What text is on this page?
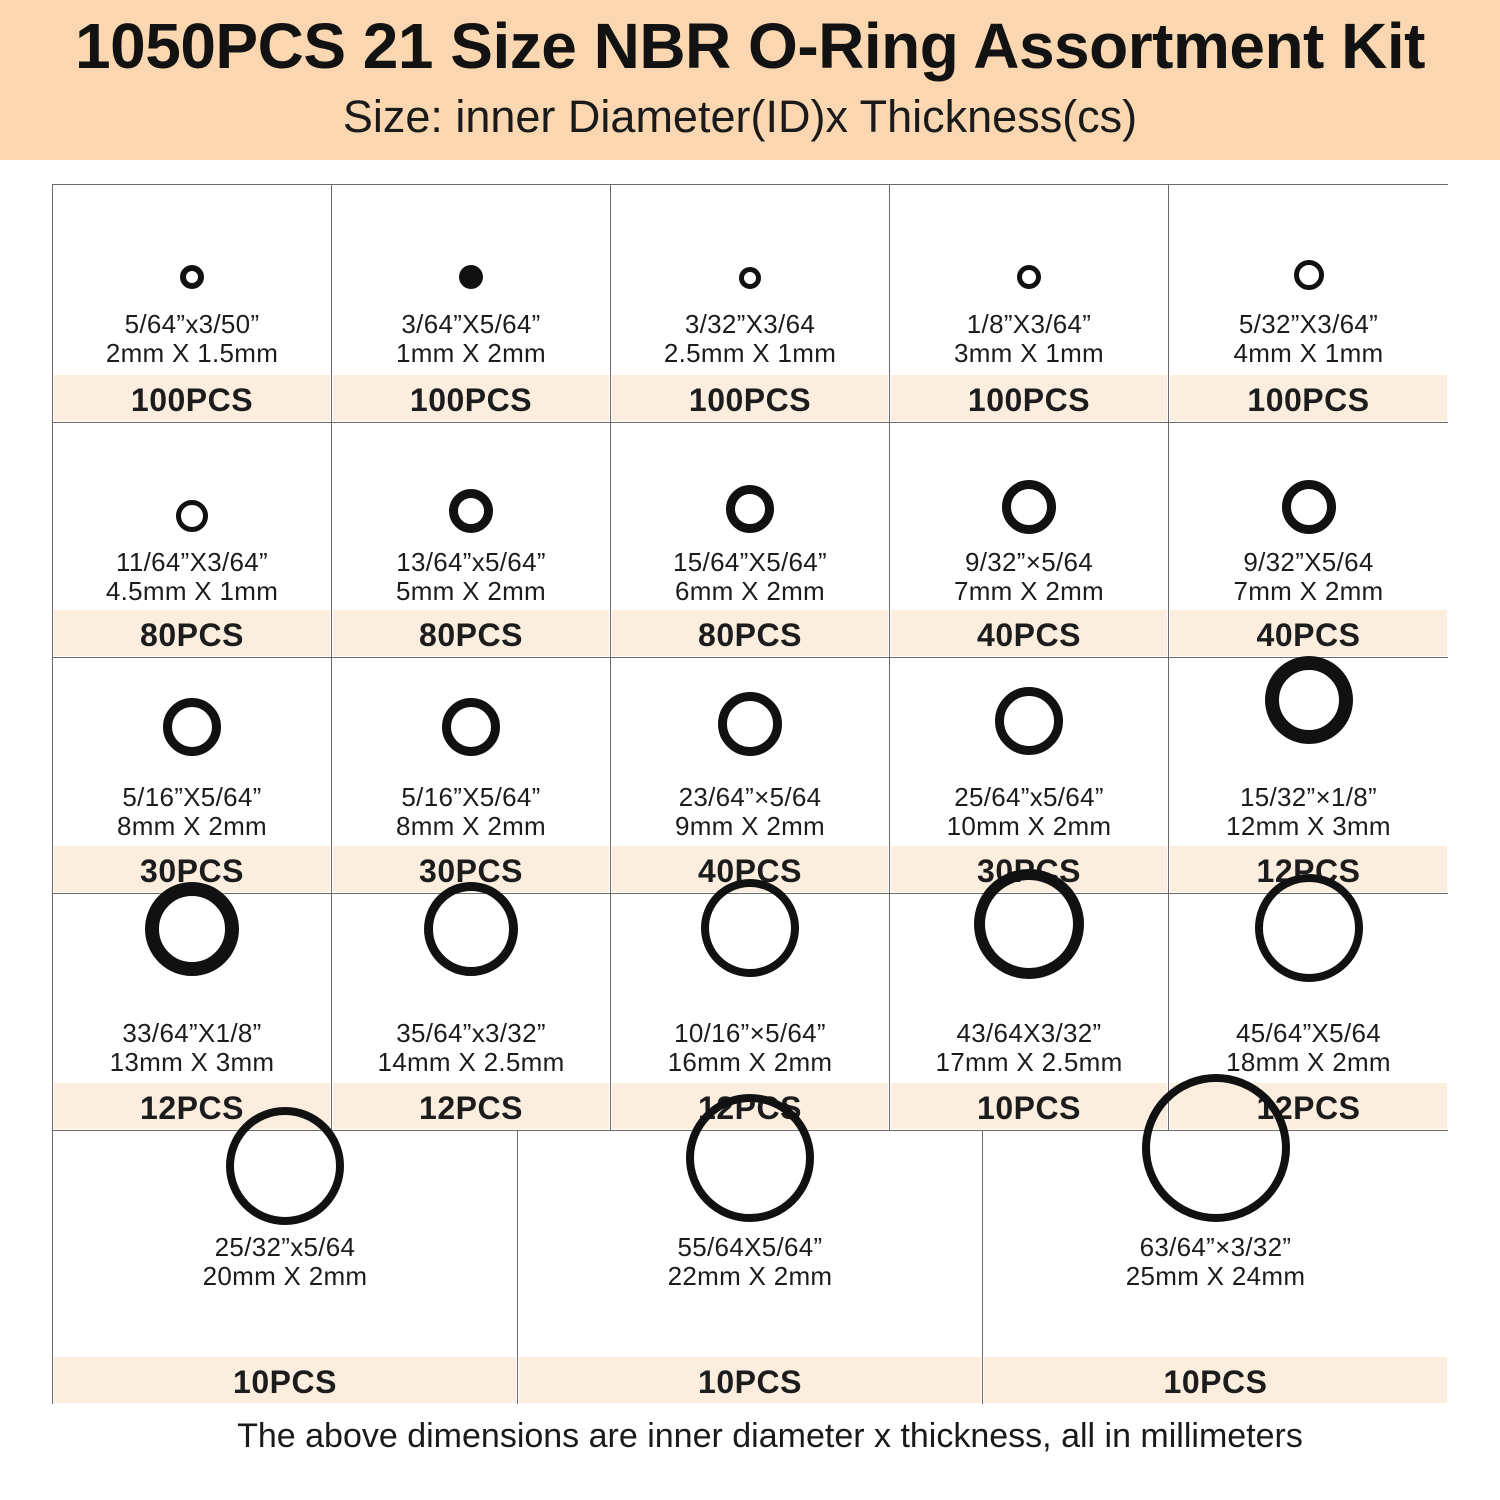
1050PCS 21 Size NBR O-Ring Assortment Kit
Size: inner Diameter(ID)x Thickness(cs)
5/64”x3/50”
2mm X 1.5mm
100PCS
3/64”X5/64”
1mm X 2mm
100PCS
3/32”X3/64
2.5mm X 1mm
100PCS
1/8”X3/64”
3mm X 1mm
100PCS
5/32”X3/64”
4mm X 1mm
100PCS
11/64”X3/64”
4.5mm X 1mm
80PCS
13/64”x5/64”
5mm X 2mm
80PCS
15/64”X5/64”
6mm X 2mm
80PCS
9/32”×5/64
7mm X 2mm
40PCS
9/32”X5/64
7mm X 2mm
40PCS
5/16”X5/64”
8mm X 2mm
30PCS
5/16”X5/64”
8mm X 2mm
30PCS
23/64”×5/64
9mm X 2mm
40PCS
25/64”x5/64”
10mm X 2mm
30PCS
15/32”×1/8”
12mm X 3mm
12PCS
33/64”X1/8”
13mm X 3mm
12PCS
35/64”x3/32”
14mm X 2.5mm
12PCS
10/16”×5/64”
16mm X 2mm
12PCS
43/64X3/32”
17mm X 2.5mm
10PCS
45/64”X5/64
18mm X 2mm
12PCS
25/32”x5/64
20mm X 2mm
10PCS
55/64X5/64”
22mm X 2mm
10PCS
63/64”×3/32”
25mm X 24mm
10PCS
The above dimensions are inner diameter x thickness, all in millimeters
